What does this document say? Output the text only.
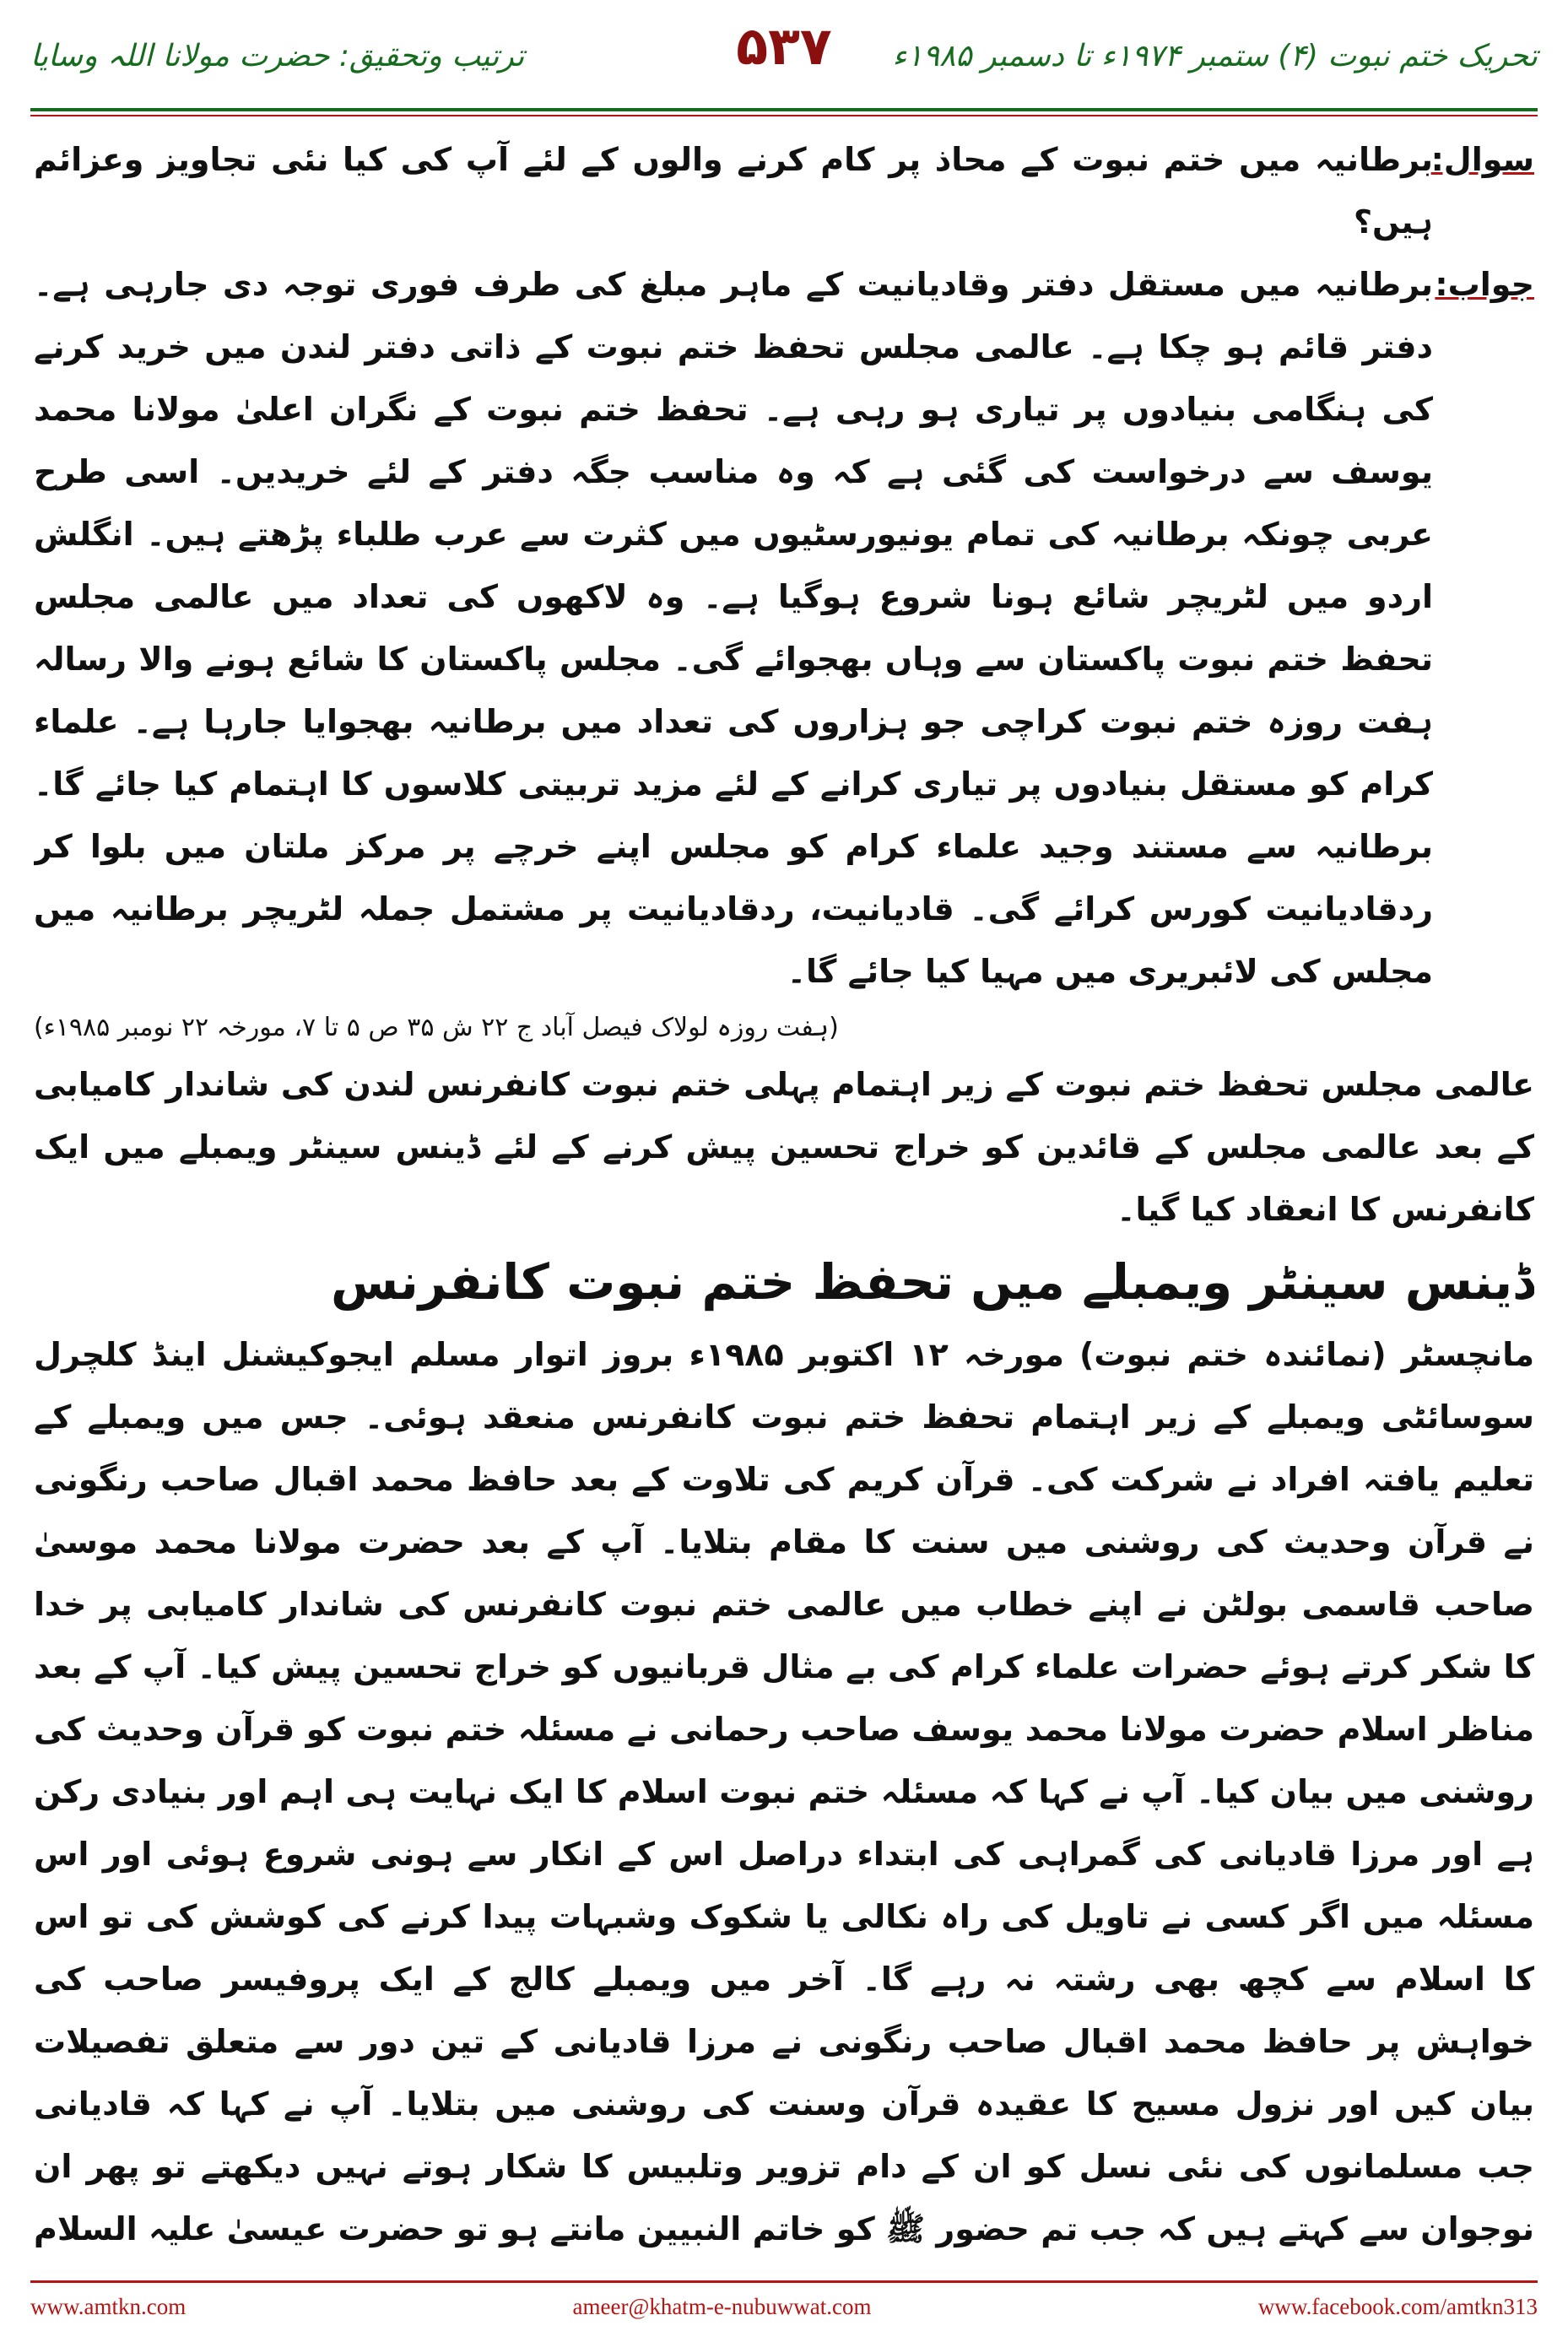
تحریک ختم نبوت (۴) ستمبر ۱۹۷۴ء تا دسمبر ۱۹۸۵ء
۵۳۷
ترتیب وتحقیق: حضرت مولانا اللہ وسایا
سوال:

برطانیہ میں ختم نبوت کے محاذ پر کام کرنے والوں کے لئے آپ کی کیا نئی تجاویز وعزائم ہیں؟

جواب:

برطانیہ میں مستقل دفتر وقادیانیت کے ماہر مبلغ کی طرف فوری توجہ دی جارہی ہے۔ دفتر قائم ہو چکا ہے۔ عالمی مجلس تحفظ ختم نبوت کے ذاتی دفتر لندن میں خرید کرنے کی ہنگامی بنیادوں پر تیاری ہو رہی ہے۔ تحفظ ختم نبوت کے نگران اعلیٰ مولانا محمد یوسف سے درخواست کی گئی ہے کہ وہ مناسب جگہ دفتر کے لئے خریدیں۔ اسی طرح عربی چونکہ برطانیہ کی تمام یونیورسٹیوں میں کثرت سے عرب طلباء پڑھتے ہیں۔ انگلش اردو میں لٹریچر شائع ہونا شروع ہوگیا ہے۔ وہ لاکھوں کی تعداد میں عالمی مجلس تحفظ ختم نبوت پاکستان سے وہاں بھجوائے گی۔ مجلس پاکستان کا شائع ہونے والا رسالہ ہفت روزہ ختم نبوت کراچی جو ہزاروں کی تعداد میں برطانیہ بھجوایا جارہا ہے۔ علماء کرام کو مستقل بنیادوں پر تیاری کرانے کے لئے مزید تربیتی کلاسوں کا اہتمام کیا جائے گا۔ برطانیہ سے مستند وجید علماء کرام کو مجلس اپنے خرچے پر مرکز ملتان میں بلوا کر ردقادیانیت کورس کرائے گی۔ قادیانیت، ردقادیانیت پر مشتمل جملہ لٹریچر برطانیہ میں مجلس کی لائبریری میں مہیا کیا جائے گا۔

(ہفت روزہ لولاک فیصل آباد ج ۲۲ ش ۳۵ ص ۵ تا ۷، مورخہ ۲۲ نومبر ۱۹۸۵ء)

عالمی مجلس تحفظ ختم نبوت کے زیر اہتمام پہلی ختم نبوت کانفرنس لندن کی شاندار کامیابی کے بعد عالمی مجلس کے قائدین کو خراج تحسین پیش کرنے کے لئے ڈینس سینٹر ویمبلے میں ایک کانفرنس کا انعقاد کیا گیا۔

ڈینس سینٹر ویمبلے میں تحفظ ختم نبوت کانفرنس

مانچسٹر (نمائندہ ختم نبوت) مورخہ ۱۲ اکتوبر ۱۹۸۵ء بروز اتوار مسلم ایجوکیشنل اینڈ کلچرل سوسائٹی ویمبلے کے زیر اہتمام تحفظ ختم نبوت کانفرنس منعقد ہوئی۔ جس میں ویمبلے کے تعلیم یافتہ افراد نے شرکت کی۔ قرآن کریم کی تلاوت کے بعد حافظ محمد اقبال صاحب رنگونی نے قرآن وحدیث کی روشنی میں سنت کا مقام بتلایا۔ آپ کے بعد حضرت مولانا محمد موسیٰ صاحب قاسمی بولٹن نے اپنے خطاب میں عالمی ختم نبوت کانفرنس کی شاندار کامیابی پر خدا کا شکر کرتے ہوئے حضرات علماء کرام کی بے مثال قربانیوں کو خراج تحسین پیش کیا۔ آپ کے بعد مناظر اسلام حضرت مولانا محمد یوسف صاحب رحمانی نے مسئلہ ختم نبوت کو قرآن وحدیث کی روشنی میں بیان کیا۔ آپ نے کہا کہ مسئلہ ختم نبوت اسلام کا ایک نہایت ہی اہم اور بنیادی رکن ہے اور مرزا قادیانی کی گمراہی کی ابتداء دراصل اس کے انکار سے ہونی شروع ہوئی اور اس مسئلہ میں اگر کسی نے تاویل کی راہ نکالی یا شکوک وشبہات پیدا کرنے کی کوشش کی تو اس کا اسلام سے کچھ بھی رشتہ نہ رہے گا۔ آخر میں ویمبلے کالج کے ایک پروفیسر صاحب کی خواہش پر حافظ محمد اقبال صاحب رنگونی نے مرزا قادیانی کے تین دور سے متعلق تفصیلات بیان کیں اور نزول مسیح کا عقیدہ قرآن وسنت کی روشنی میں بتلایا۔ آپ نے کہا کہ قادیانی جب مسلمانوں کی نئی نسل کو ان کے دام تزویر وتلبیس کا شکار ہوتے نہیں دیکھتے تو پھر ان نوجوان سے کہتے ہیں کہ جب تم حضور ﷺ کو خاتم النبیین مانتے ہو تو حضرت عیسیٰ علیہ السلام

www.amtkn.com	ameer@khatm-e-nubuwwat.com	www.facebook.com/amtkn313
